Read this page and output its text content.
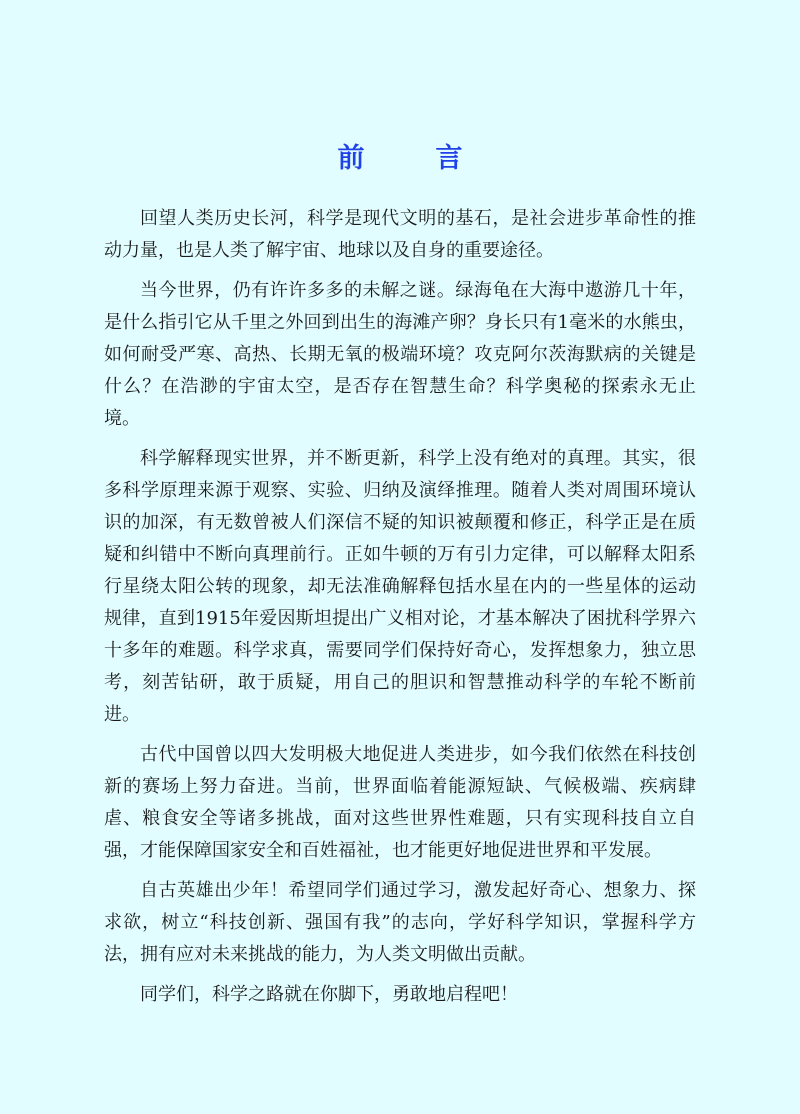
前　言

回望人类历史长河，科学是现代文明的基石，是社会进步革命性的推动力量，也是人类了解宇宙、地球以及自身的重要途径。

当今世界，仍有许许多多的未解之谜。绿海龟在大海中遨游几十年，是什么指引它从千里之外回到出生的海滩产卵？身长只有1毫米的水熊虫，如何耐受严寒、高热、长期无氧的极端环境？攻克阿尔茨海默病的关键是什么？在浩渺的宇宙太空，是否存在智慧生命？科学奥秘的探索永无止境。

科学解释现实世界，并不断更新，科学上没有绝对的真理。其实，很多科学原理来源于观察、实验、归纳及演绎推理。随着人类对周围环境认识的加深，有无数曾被人们深信不疑的知识被颠覆和修正，科学正是在质疑和纠错中不断向真理前行。正如牛顿的万有引力定律，可以解释太阳系行星绕太阳公转的现象，却无法准确解释包括水星在内的一些星体的运动规律，直到1915年爱因斯坦提出广义相对论，才基本解决了困扰科学界六十多年的难题。科学求真，需要同学们保持好奇心，发挥想象力，独立思考，刻苦钻研，敢于质疑，用自己的胆识和智慧推动科学的车轮不断前进。

古代中国曾以四大发明极大地促进人类进步，如今我们依然在科技创新的赛场上努力奋进。当前，世界面临着能源短缺、气候极端、疾病肆虐、粮食安全等诸多挑战，面对这些世界性难题，只有实现科技自立自强，才能保障国家安全和百姓福祉，也才能更好地促进世界和平发展。

自古英雄出少年！希望同学们通过学习，激发起好奇心、想象力、探求欲，树立“科技创新、强国有我”的志向，学好科学知识，掌握科学方法，拥有应对未来挑战的能力，为人类文明做出贡献。

同学们，科学之路就在你脚下，勇敢地启程吧！
